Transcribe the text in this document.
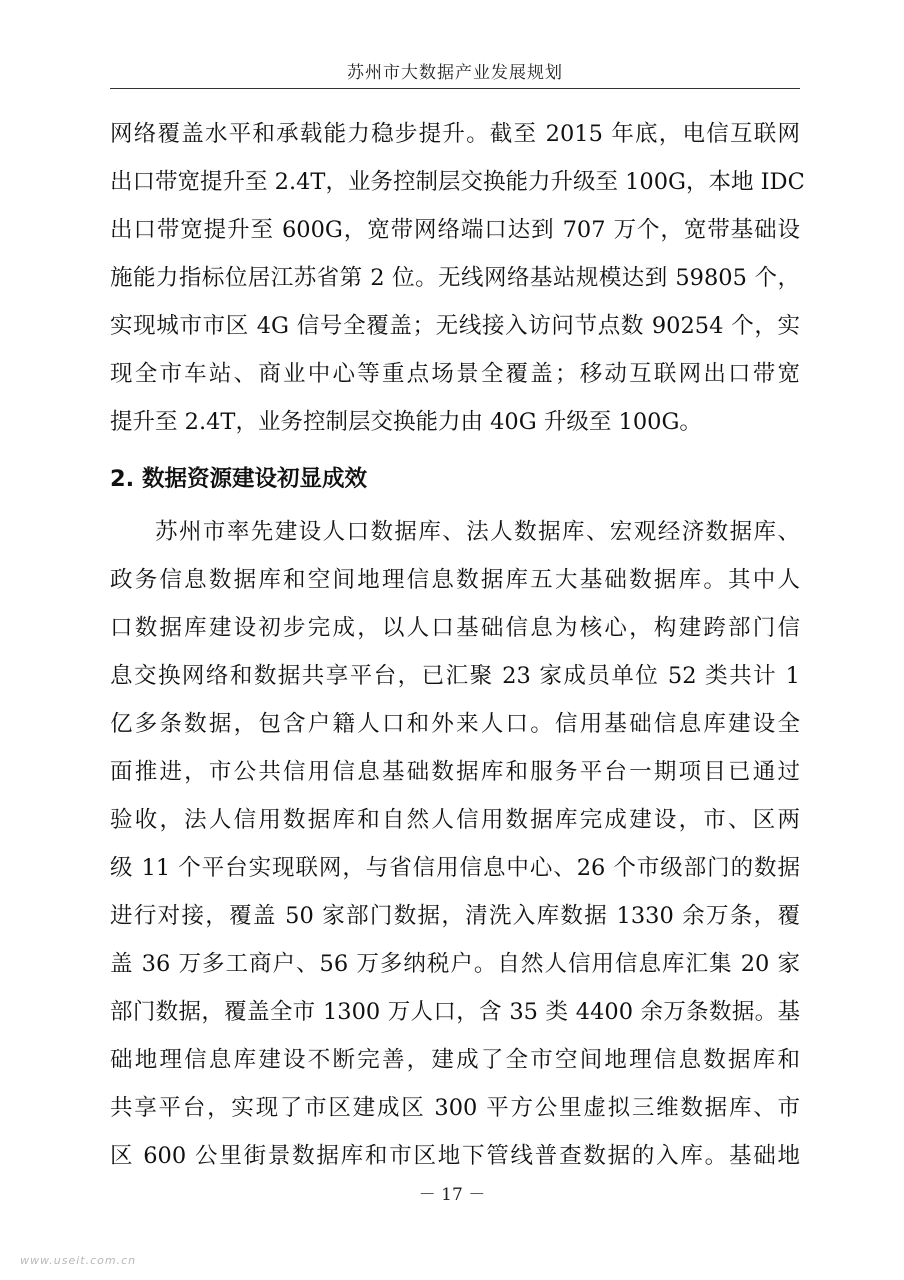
苏州市大数据产业发展规划
网络覆盖水平和承载能力稳步提升。截至 2015 年底，电信互联网
出口带宽提升至 2.4T，业务控制层交换能力升级至 100G，本地 IDC
出口带宽提升至 600G，宽带网络端口达到 707 万个，宽带基础设
施能力指标位居江苏省第 2 位。无线网络基站规模达到 59805 个，
实现城市市区 4G 信号全覆盖；无线接入访问节点数 90254 个，实
现全市车站、商业中心等重点场景全覆盖；移动互联网出口带宽
提升至 2.4T，业务控制层交换能力由 40G 升级至 100G。
2. 数据资源建设初显成效
苏州市率先建设人口数据库、法人数据库、宏观经济数据库、
政务信息数据库和空间地理信息数据库五大基础数据库。其中人
口数据库建设初步完成，以人口基础信息为核心，构建跨部门信
息交换网络和数据共享平台，已汇聚 23 家成员单位 52 类共计 1
亿多条数据，包含户籍人口和外来人口。信用基础信息库建设全
面推进，市公共信用信息基础数据库和服务平台一期项目已通过
验收，法人信用数据库和自然人信用数据库完成建设，市、区两
级 11 个平台实现联网，与省信用信息中心、26 个市级部门的数据
进行对接，覆盖 50 家部门数据，清洗入库数据 1330 余万条，覆
盖 36 万多工商户、56 万多纳税户。自然人信用信息库汇集 20 家
部门数据，覆盖全市 1300 万人口，含 35 类 4400 余万条数据。基
础地理信息库建设不断完善，建成了全市空间地理信息数据库和
共享平台，实现了市区建成区 300 平方公里虚拟三维数据库、市
区 600 公里街景数据库和市区地下管线普查数据的入库。基础地
－ 17 －
www.useit.com.cn
